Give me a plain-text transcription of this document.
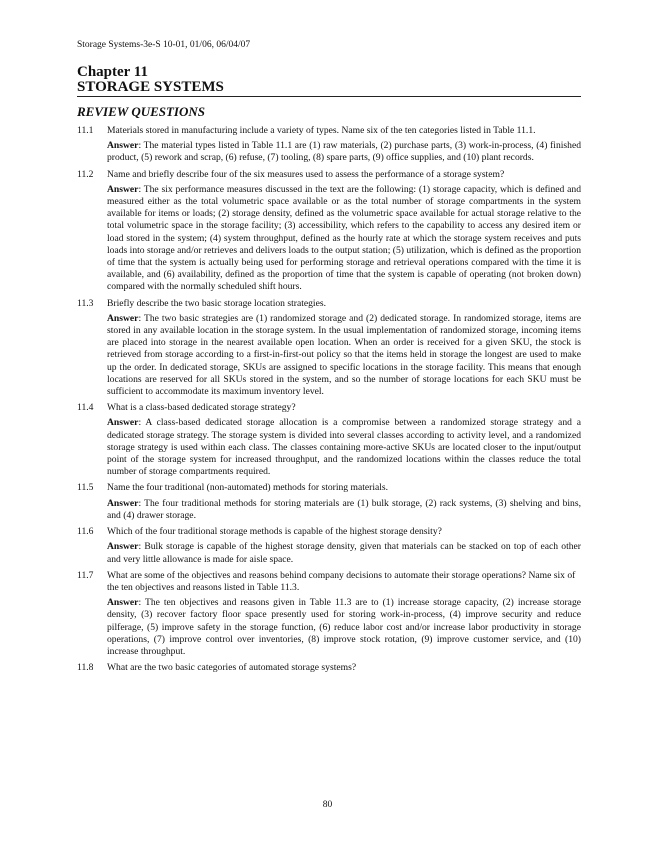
Storage Systems-3e-S 10-01, 01/06, 06/04/07
Chapter 11
STORAGE SYSTEMS
REVIEW QUESTIONS
11.1 Materials stored in manufacturing include a variety of types. Name six of the ten categories listed in Table 11.1.
Answer: The material types listed in Table 11.1 are (1) raw materials, (2) purchase parts, (3) work-in-process, (4) finished product, (5) rework and scrap, (6) refuse, (7) tooling, (8) spare parts, (9) office supplies, and (10) plant records.
11.2 Name and briefly describe four of the six measures used to assess the performance of a storage system?
Answer: The six performance measures discussed in the text are the following: (1) storage capacity, which is defined and measured either as the total volumetric space available or as the total number of storage compartments in the system available for items or loads; (2) storage density, defined as the volumetric space available for actual storage relative to the total volumetric space in the storage facility; (3) accessibility, which refers to the capability to access any desired item or load stored in the system; (4) system throughput, defined as the hourly rate at which the storage system receives and puts loads into storage and/or retrieves and delivers loads to the output station; (5) utilization, which is defined as the proportion of time that the system is actually being used for performing storage and retrieval operations compared with the time it is available, and (6) availability, defined as the proportion of time that the system is capable of operating (not broken down) compared with the normally scheduled shift hours.
11.3 Briefly describe the two basic storage location strategies.
Answer: The two basic strategies are (1) randomized storage and (2) dedicated storage. In randomized storage, items are stored in any available location in the storage system. In the usual implementation of randomized storage, incoming items are placed into storage in the nearest available open location. When an order is received for a given SKU, the stock is retrieved from storage according to a first-in-first-out policy so that the items held in storage the longest are used to make up the order. In dedicated storage, SKUs are assigned to specific locations in the storage facility. This means that enough locations are reserved for all SKUs stored in the system, and so the number of storage locations for each SKU must be sufficient to accommodate its maximum inventory level.
11.4 What is a class-based dedicated storage strategy?
Answer: A class-based dedicated storage allocation is a compromise between a randomized storage strategy and a dedicated storage strategy. The storage system is divided into several classes according to activity level, and a randomized storage strategy is used within each class. The classes containing more-active SKUs are located closer to the input/output point of the storage system for increased throughput, and the randomized locations within the classes reduce the total number of storage compartments required.
11.5 Name the four traditional (non-automated) methods for storing materials.
Answer: The four traditional methods for storing materials are (1) bulk storage, (2) rack systems, (3) shelving and bins, and (4) drawer storage.
11.6 Which of the four traditional storage methods is capable of the highest storage density?
Answer: Bulk storage is capable of the highest storage density, given that materials can be stacked on top of each other and very little allowance is made for aisle space.
11.7 What are some of the objectives and reasons behind company decisions to automate their storage operations? Name six of the ten objectives and reasons listed in Table 11.3.
Answer: The ten objectives and reasons given in Table 11.3 are to (1) increase storage capacity, (2) increase storage density, (3) recover factory floor space presently used for storing work-in-process, (4) improve security and reduce pilferage, (5) improve safety in the storage function, (6) reduce labor cost and/or increase labor productivity in storage operations, (7) improve control over inventories, (8) improve stock rotation, (9) improve customer service, and (10) increase throughput.
11.8 What are the two basic categories of automated storage systems?
80
